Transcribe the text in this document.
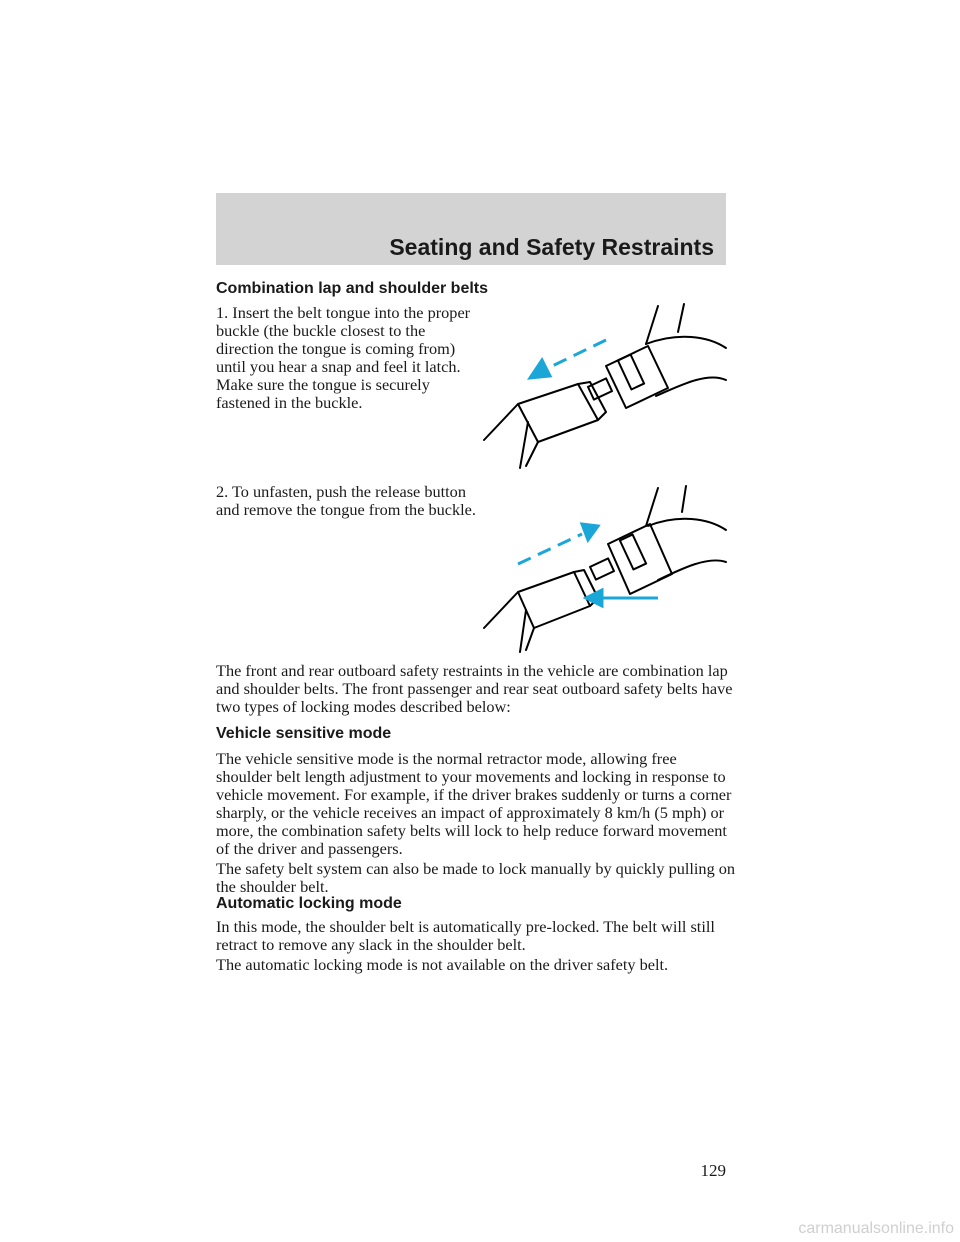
Seating and Safety Restraints
Combination lap and shoulder belts

1. Insert the belt tongue into the proper buckle (the buckle closest to the direction the tongue is coming from) until you hear a snap and feel it latch. Make sure the tongue is securely fastened in the buckle.

2. To unfasten, push the release button and remove the tongue from the buckle.

The front and rear outboard safety restraints in the vehicle are combination lap and shoulder belts. The front passenger and rear seat outboard safety belts have two types of locking modes described below:

Vehicle sensitive mode

The vehicle sensitive mode is the normal retractor mode, allowing free shoulder belt length adjustment to your movements and locking in response to vehicle movement. For example, if the driver brakes suddenly or turns a corner sharply, or the vehicle receives an impact of approximately 8 km/h (5 mph) or more, the combination safety belts will lock to help reduce forward movement of the driver and passengers.

The safety belt system can also be made to lock manually by quickly pulling on the shoulder belt.

Automatic locking mode

In this mode, the shoulder belt is automatically pre-locked. The belt will still retract to remove any slack in the shoulder belt.

The automatic locking mode is not available on the driver safety belt.

129
carmanualsonline.info
